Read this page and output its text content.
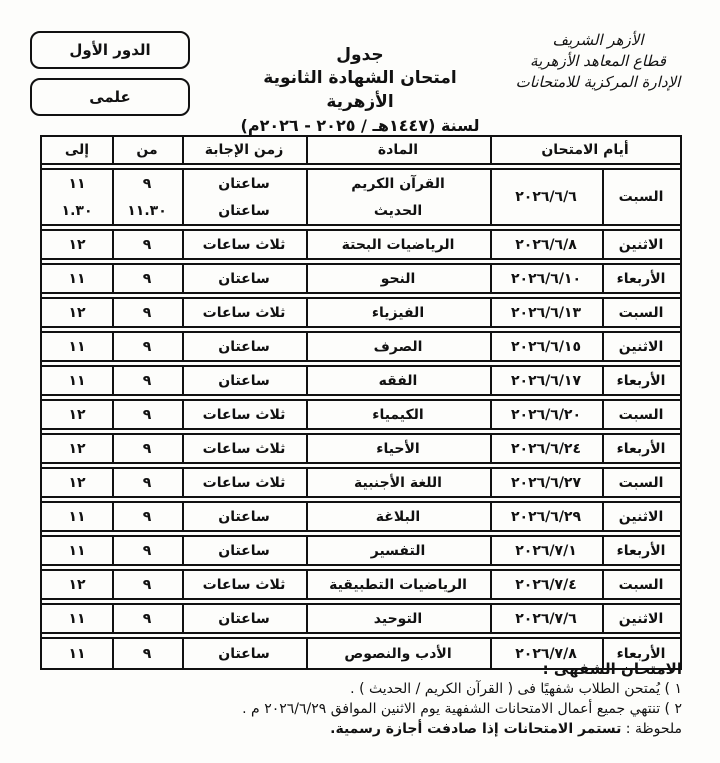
الأزهر الشريف
قطاع المعاهد الأزهرية
الإدارة المركزية للامتحانات
جدول
امتحان الشهادة الثانوية الأزهرية
لسنة (١٤٤٧هـ / ٢٠٢٥ - ٢٠٢٦م)
الدور الأول
علمى
أيام الامتحان
المادة
زمن الإجابة
من
إلى
السبت
٢٠٢٦/٦/٦
القرآن الكريم
ساعتان
٩
١١
الحديث
ساعتان
١١.٣٠
١.٣٠
الاثنين
٢٠٢٦/٦/٨
الرياضيات البحتة
ثلاث ساعات
٩
١٢
الأربعاء
٢٠٢٦/٦/١٠
النحو
ساعتان
٩
١١
السبت
٢٠٢٦/٦/١٣
الفيزياء
ثلاث ساعات
٩
١٢
الاثنين
٢٠٢٦/٦/١٥
الصرف
ساعتان
٩
١١
الأربعاء
٢٠٢٦/٦/١٧
الفقه
ساعتان
٩
١١
السبت
٢٠٢٦/٦/٢٠
الكيمياء
ثلاث ساعات
٩
١٢
الأربعاء
٢٠٢٦/٦/٢٤
الأحياء
ثلاث ساعات
٩
١٢
السبت
٢٠٢٦/٦/٢٧
اللغة الأجنبية
ثلاث ساعات
٩
١٢
الاثنين
٢٠٢٦/٦/٢٩
البلاغة
ساعتان
٩
١١
الأربعاء
٢٠٢٦/٧/١
التفسير
ساعتان
٩
١١
السبت
٢٠٢٦/٧/٤
الرياضيات التطبيقية
ثلاث ساعات
٩
١٢
الاثنين
٢٠٢٦/٧/٦
التوحيد
ساعتان
٩
١١
الأربعاء
٢٠٢٦/٧/٨
الأدب والنصوص
ساعتان
٩
١١
الامتحان الشفهى :
١ ) يُمتحن الطلاب شفهيًا فى ( القرآن الكريم / الحديث ) .
٢ ) تنتهي جميع أعمال الامتحانات الشفهية يوم الاثنين الموافق ٢٠٢٦/٦/٢٩ م .
ملحوظة : تستمر الامتحانات إذا صادفت أجازة رسمية.
